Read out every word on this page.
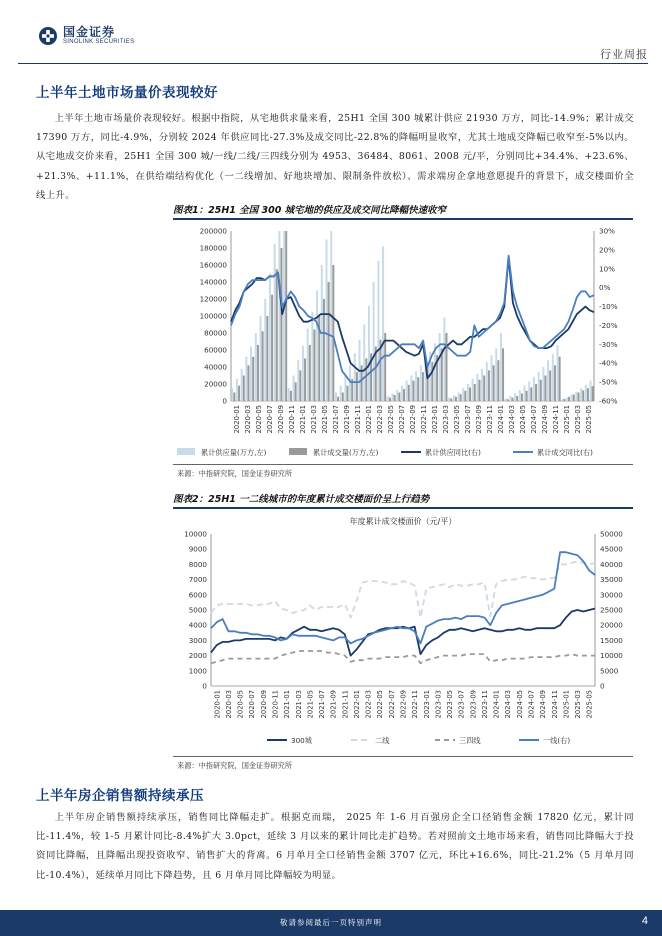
国金证券
SINOLINK SECURITIES
行业周报
上半年土地市场量价表现较好
上半年土地市场量价表现较好。根据中指院，从宅地供求量来看，25H1 全国 300 城累计供应 21930 万方，同比-14.9%；累计成交 17390 万方，同比-4.9%，分别较 2024 年供应同比-27.3%及成交同比-22.8%的降幅明显收窄，尤其土地成交降幅已收窄至-5%以内。从宅地成交价来看，25H1 全国 300 城/一线/二线/三四线分别为 4953、36484、8061、2008 元/平，分别同比+34.4%、+23.6%、+21.3%、+11.1%，在供给端结构优化（一二线增加、好地块增加、限制条件放松）、需求端房企拿地意愿提升的背景下，成交楼面价全线上升。
图表1：25H1 全国 300 城宅地的供应及成交同比降幅快速收窄
0
20000
40000
60000
80000
100000
120000
140000
160000
180000
200000
-60%
-50%
-40%
-30%
-20%
-10%
0%
10%
20%
30%
2020-01 2020-03 2020-05 2020-07 2020-09 2020-11 2021-01 2021-03 2021-05 2021-07 2021-09 2021-11 2022-01 2022-03 2022-05 2022-07 2022-09 2022-11 2023-01 2023-03 2023-05 2023-07 2023-09 2023-11 2024-01 2024-03 2024-05 2024-07 2024-09 2024-11 2025-01 2025-03 2025-05
累计供应量(万方,左)	累计成交量(万方,左)	累计供应同比(右)	累计成交同比(右)
来源：中指研究院，国金证券研究所
图表2：25H1 一二线城市的年度累计成交楼面价呈上行趋势
年度累计成交楼面价（元/平）
0
1000
2000
3000
4000
5000
6000
7000
8000
9000
10000
0
5000
10000
15000
20000
25000
30000
35000
40000
45000
50000
2020-01 2020-03 2020-05 2020-07 2020-09 2020-11 2021-01 2021-03 2021-05 2021-07 2021-09 2021-11 2022-01 2022-03 2022-05 2022-07 2022-09 2022-11 2023-01 2023-03 2023-05 2023-07 2023-09 2023-11 2024-01 2024-03 2024-05 2024-07 2024-09 2024-11 2025-01 2025-03 2025-05
300城	二线	三四线	一线(右)
来源：中指研究院，国金证券研究所
上半年房企销售额持续承压
上半年房企销售额持续承压，销售同比降幅走扩。根据克而瑞， 2025 年 1-6 月百强房企全口径销售金额 17820 亿元，累计同比-11.4%，较 1-5 月累计同比-8.4%扩大 3.0pct，延续 3 月以来的累计同比走扩趋势。若对照前文土地市场来看，销售同比降幅大于投资同比降幅，且降幅出现投资收窄、销售扩大的背离。6 月单月全口径销售金额 3707 亿元，环比+16.6%，同比-21.2%（5 月单月同比-10.4%），延续单月同比下降趋势，且 6 月单月同比降幅较为明显。
敬请参阅最后一页特别声明	4
